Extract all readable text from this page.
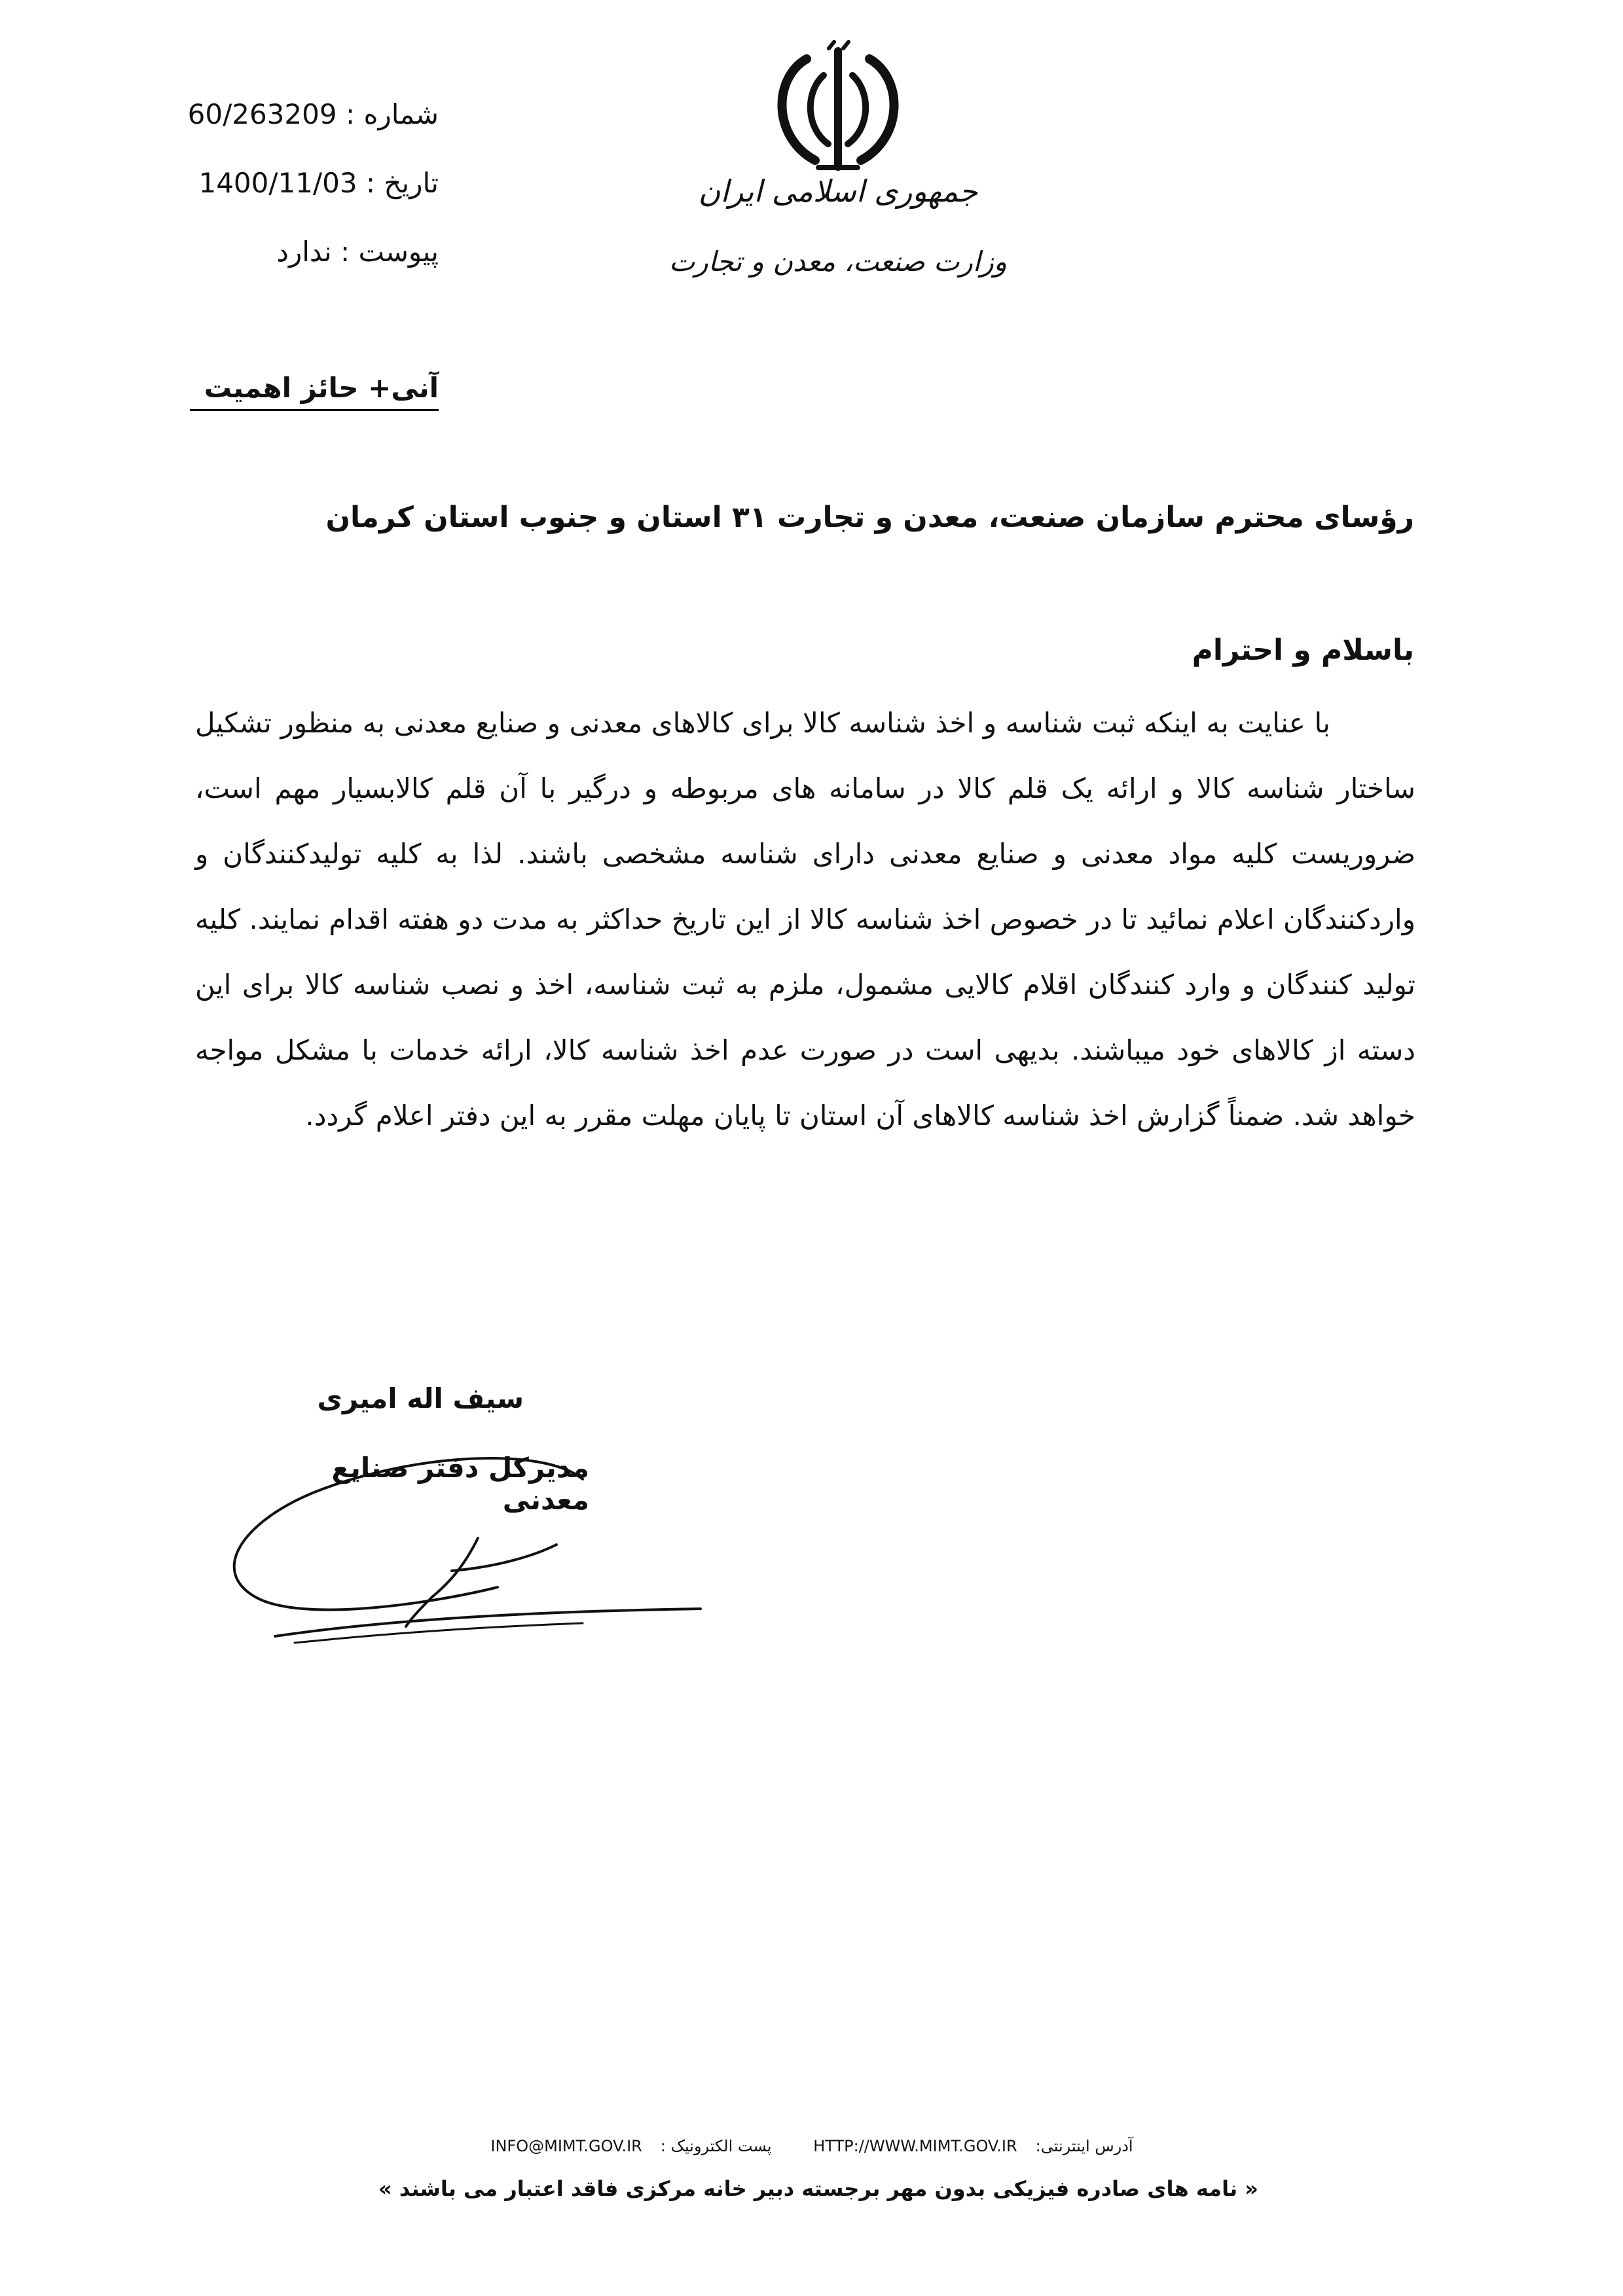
شماره : 60/263209
تاریخ : 1400/11/03
پیوست : ندارد
جمهوری اسلامی ایران
وزارت صنعت، معدن و تجارت
آنی+ حائز اهمیت
رؤسای محترم سازمان صنعت، معدن و تجارت ۳۱ استان و جنوب استان کرمان
باسلام و احترام
با عنایت به اینکه ثبت شناسه و اخذ شناسه کالا برای کالاهای معدنی و صنایع معدنی به منظور تشکیل ساختار شناسه کالا و ارائه یک قلم کالا در سامانه های مربوطه و درگیر با آن قلم کالابسیار مهم است، ضروریست کلیه مواد معدنی و صنایع معدنی دارای شناسه مشخصی باشند. لذا به کلیه تولیدکنندگان و واردکنندگان اعلام نمائید تا در خصوص اخذ شناسه کالا از این تاریخ حداکثر به مدت دو هفته اقدام نمایند. کلیه تولید کنندگان و وارد کنندگان اقلام کالایی مشمول، ملزم به ثبت شناسه، اخذ و نصب شناسه کالا برای این دسته از کالاهای خود میباشند. بدیهی است در صورت عدم اخذ شناسه کالا، ارائه خدمات با مشکل مواجه خواهد شد. ضمناً گزارش اخذ شناسه کالاهای آن استان تا پایان مهلت مقرر به این دفتر اعلام گردد.
سیف اله امیری
مدیرکل دفتر صنایع معدنی
آدرس اینترنتی:HTTP://WWW.MIMT.GOV.IR پست الکترونیک :INFO@MIMT.GOV.IR
« نامه های صادره فیزیکی بدون مهر برجسته دبیر خانه مرکزی فاقد اعتبار می باشند »
